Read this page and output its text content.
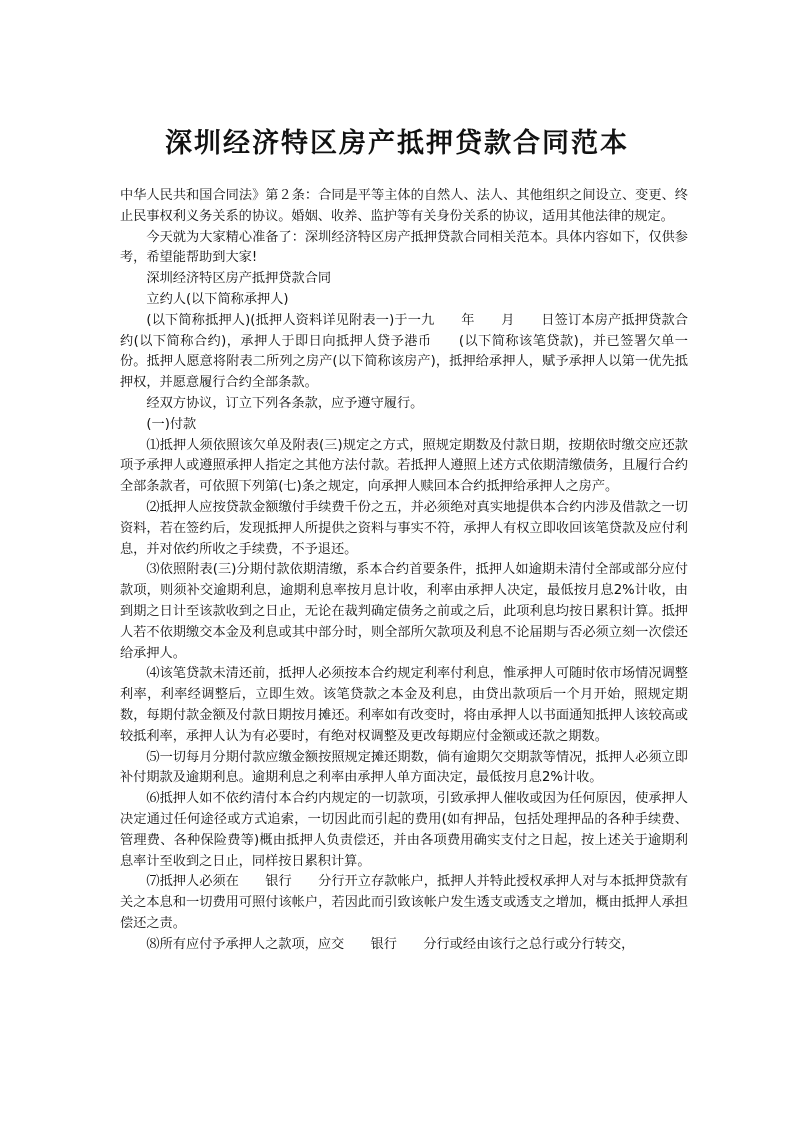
深圳经济特区房产抵押贷款合同范本

中华人民共和国合同法》第２条：合同是平等主体的自然人、法人、其他组织之间设立、变更、终止民事权利义务关系的协议。婚姻、收养、监护等有关身份关系的协议，适用其他法律的规定。

今天就为大家精心准备了：深圳经济特区房产抵押贷款合同相关范本。具体内容如下，仅供参考，希望能帮助到大家!

深圳经济特区房产抵押贷款合同

立约人(以下简称承押人)

(以下简称抵押人)(抵押人资料详见附表一)于一九　　年　　月　　日签订本房产抵押贷款合约(以下简称合约)，承押人于即日向抵押人贷予港币　　(以下简称该笔贷款)，并已签署欠单一份。抵押人愿意将附表二所列之房产(以下简称该房产)，抵押给承押人，赋予承押人以第一优先抵押权，并愿意履行合约全部条款。

经双方协议，订立下列各条款，应予遵守履行。

(一)付款

⑴抵押人须依照该欠单及附表(三)规定之方式，照规定期数及付款日期，按期依时缴交应还款项予承押人或遵照承押人指定之其他方法付款。若抵押人遵照上述方式依期清缴债务，且履行合约全部条款者，可依照下列第(七)条之规定，向承押人赎回本合约抵押给承押人之房产。

⑵抵押人应按贷款金额缴付手续费千份之五，并必须绝对真实地提供本合约内涉及借款之一切资料，若在签约后，发现抵押人所提供之资料与事实不符，承押人有权立即收回该笔贷款及应付利息，并对依约所收之手续费，不予退还。

⑶依照附表(三)分期付款依期清缴，系本合约首要条件，抵押人如逾期未清付全部或部分应付款项，则须补交逾期利息，逾期利息率按月息计收，利率由承押人决定，最低按月息2%计收，由到期之日计至该款收到之日止，无论在裁判确定债务之前或之后，此项利息均按日累积计算。抵押人若不依期缴交本金及利息或其中部分时，则全部所欠款项及利息不论届期与否必须立刻一次偿还给承押人。

⑷该笔贷款未清还前，抵押人必须按本合约规定利率付利息，惟承押人可随时依市场情况调整利率，利率经调整后，立即生效。该笔贷款之本金及利息，由贷出款项后一个月开始，照规定期数，每期付款金额及付款日期按月摊还。利率如有改变时，将由承押人以书面通知抵押人该较高或较抵利率，承押人认为有必要时，有绝对权调整及更改每期应付金额或还款之期数。

⑸一切每月分期付款应缴金额按照规定摊还期数，倘有逾期欠交期款等情况，抵押人必须立即补付期款及逾期利息。逾期利息之利率由承押人单方面决定，最低按月息2%计收。

⑹抵押人如不依约清付本合约内规定的一切款项，引致承押人催收或因为任何原因，使承押人决定通过任何途径或方式追索，一切因此而引起的费用(如有押品，包括处理押品的各种手续费、管理费、各种保险费等)概由抵押人负责偿还，并由各项费用确实支付之日起，按上述关于逾期利息率计至收到之日止，同样按日累积计算。

⑺抵押人必须在　　银行　　分行开立存款帐户，抵押人并特此授权承押人对与本抵押贷款有关之本息和一切费用可照付该帐户，若因此而引致该帐户发生透支或透支之增加，概由抵押人承担偿还之责。

⑻所有应付予承押人之款项，应交　　银行　　分行或经由该行之总行或分行转交，
